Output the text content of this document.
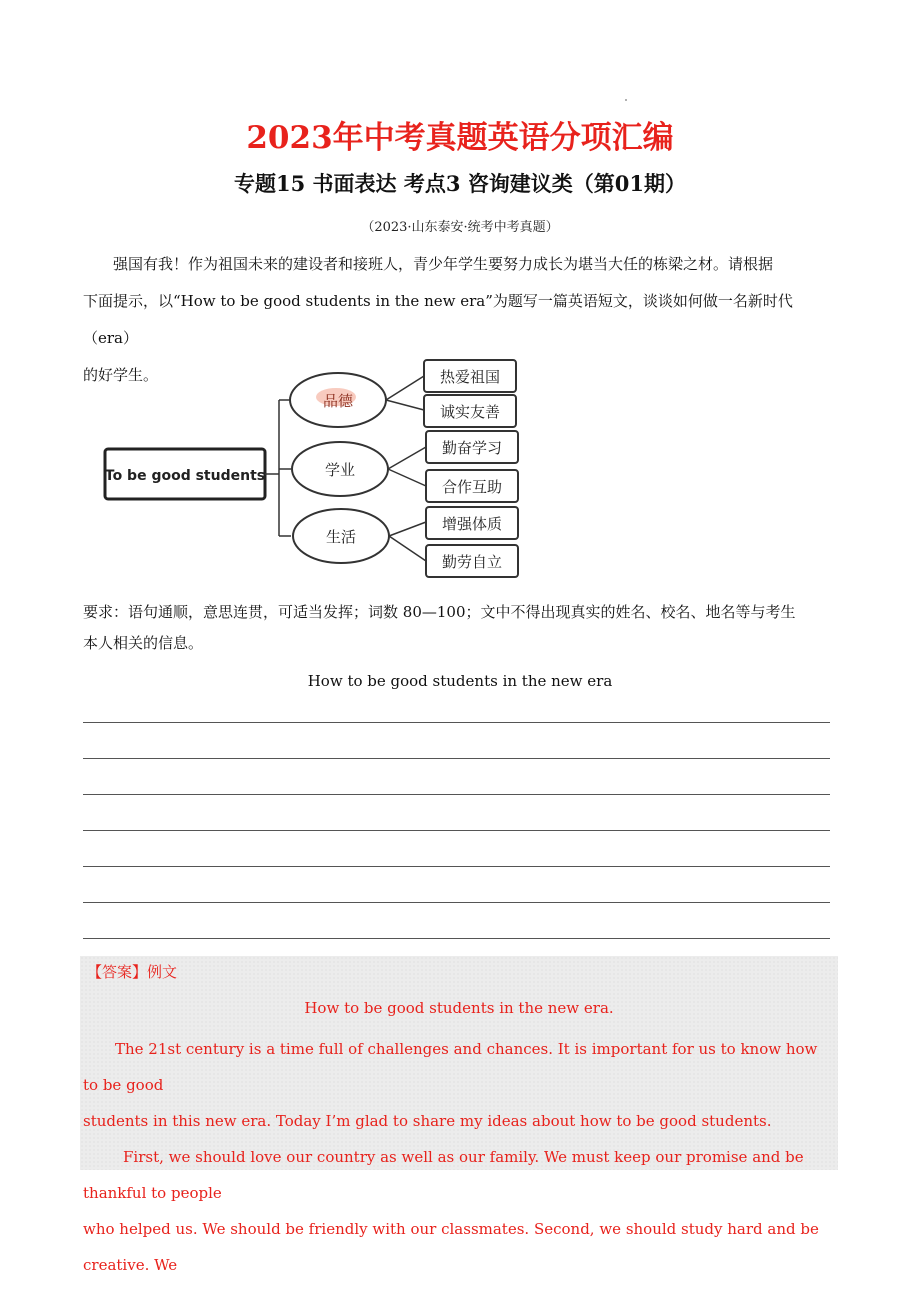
2023年中考真题英语分项汇编
专题15 书面表达 考点3 咨询建议类（第01期）
（2023·山东泰安·统考中考真题）
强国有我！作为祖国未来的建设者和接班人，青少年学生要努力成长为堪当大任的栋梁之材。请根据
下面提示，以“How to be good students in the new era”为题写一篇英语短文，谈谈如何做一名新时代（era）
的好学生。
To be good students
品德
学业
生活
热爱祖国
诚实友善
勤奋学习
合作互助
增强体质
勤劳自立
要求：语句通顺，意思连贯，可适当发挥；词数 80—100；文中不得出现真实的姓名、校名、地名等与考生
本人相关的信息。
How to be good students in the new era
【答案】例文
How to be good students in the new era.

The 21st century is a time full of challenges and chances. It is important for us to know how to be good

students in this new era. Today I’m glad to share my ideas about how to be good students.

First, we should love our country as well as our family. We must keep our promise and be thankful to people

who helped us. We should be friendly with our classmates. Second, we should study hard and be creative. We
